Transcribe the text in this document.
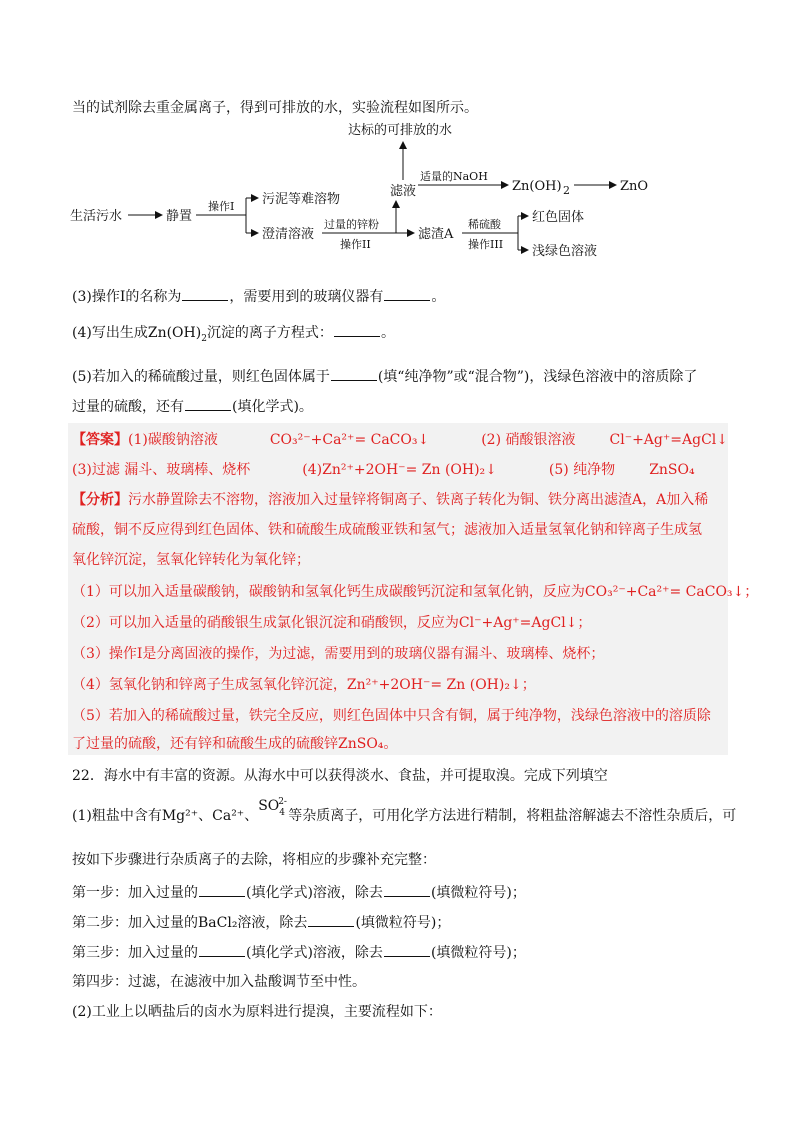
当的试剂除去重金属离子，得到可排放的水，实验流程如图所示。
达标的可排放的水
滤液
适量的NaOH
Zn(OH) 2	ZnO
生活污水	静置
操作I 污泥等难溶物
澄清溶液
过量的锌粉
操作II
滤渣A
稀硫酸
操作III
红色固体
浅绿色溶液
(3)操作Ⅰ的名称为	，需要用到的玻璃仪器有	。
(4)写出生成$Zn(OH)_2$沉淀的离子方程式：	。
(5)若加入的稀硫酸过量，则红色固体属于	(填“纯净物”或“混合物”)，浅绿色溶液中的溶质除了
过量的硫酸，还有	(填化学式)。
【答案】(1)碳酸钠溶液	CO₃²⁻+Ca²⁺= CaCO₃↓	(2) 硝酸银溶液 Cl⁻+Ag⁺=AgCl↓
(3)过滤 漏斗、玻璃棒、烧杯	(4)Zn²⁺+2OH⁻= Zn (OH)₂↓	(5) 纯净物 ZnSO₄
【分析】污水静置除去不溶物，溶液加入过量锌将铜离子、铁离子转化为铜、铁分离出滤渣A，A加入稀
硫酸，铜不反应得到红色固体、铁和硫酸生成硫酸亚铁和氢气；滤液加入适量氢氧化钠和锌离子生成氢
氧化锌沉淀，氢氧化锌转化为氧化锌；
（1）可以加入适量碳酸钠，碳酸钠和氢氧化钙生成碳酸钙沉淀和氢氧化钠，反应为CO₃²⁻+Ca²⁺= CaCO₃↓；
（2）可以加入适量的硝酸银生成氯化银沉淀和硝酸钡，反应为Cl⁻+Ag⁺=AgCl↓；
（3）操作Ⅰ是分离固液的操作，为过滤，需要用到的玻璃仪器有漏斗、玻璃棒、烧杯；
（4）氢氧化钠和锌离子生成氢氧化锌沉淀，Zn²⁺+2OH⁻= Zn (OH)₂↓；
（5）若加入的稀硫酸过量，铁完全反应，则红色固体中只含有铜，属于纯净物，浅绿色溶液中的溶质除
了过量的硫酸，还有锌和硫酸生成的硫酸锌ZnSO₄。
22．海水中有丰富的资源。从海水中可以获得淡水、食盐，并可提取溴。完成下列填空
(1)粗盐中含有Mg²⁺、Ca²⁺、SO
2-
4 等杂质离子，可用化学方法进行精制，将粗盐溶解滤去不溶性杂质后，可
按如下步骤进行杂质离子的去除，将相应的步骤补充完整：
第一步：加入过量的	(填化学式)溶液，除去	(填微粒符号)；
第二步：加入过量的BaCl₂溶液，除去	(填微粒符号)；
第三步：加入过量的	(填化学式)溶液，除去	(填微粒符号)；
第四步：过滤，在滤液中加入盐酸调节至中性。
(2)工业上以晒盐后的卤水为原料进行提溴，主要流程如下：
